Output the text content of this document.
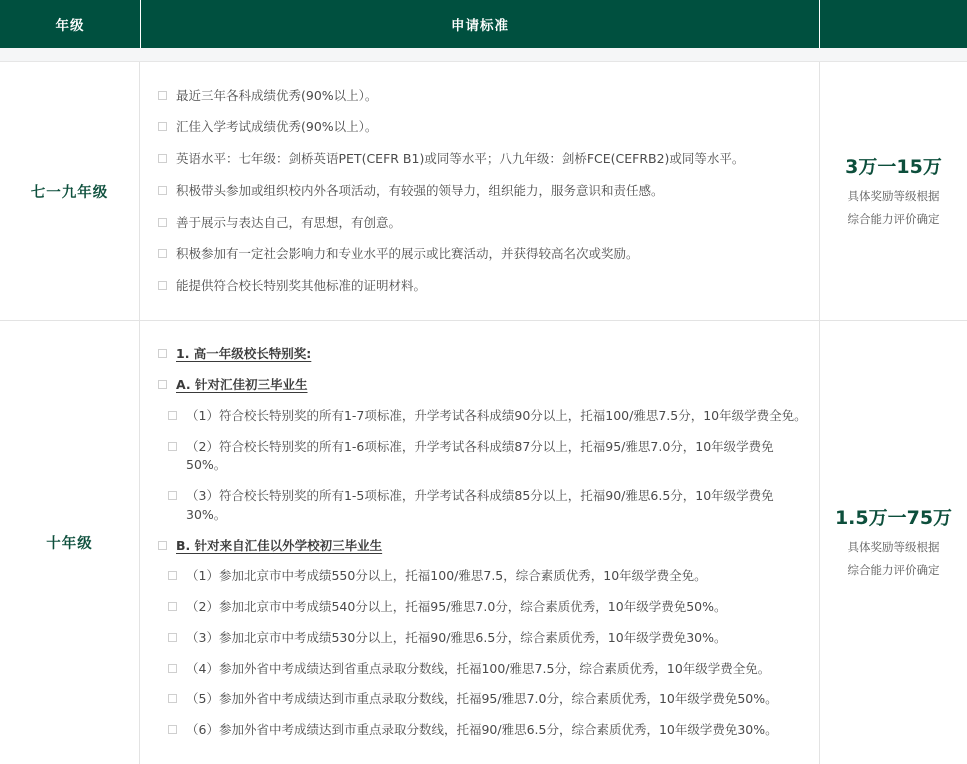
年级	申请标准
七一九年级
最近三年各科成绩优秀(90%以上）。
汇佳入学考试成绩优秀(90%以上）。
英语水平：七年级：剑桥英语PET(CEFR B1)或同等水平；八九年级：剑桥FCE(CEFRB2)或同等水平。
积极带头参加或组织校内外各项活动，有较强的领导力，组织能力，服务意识和责任感。
善于展示与表达自己，有思想，有创意。
积极参加有一定社会影响力和专业水平的展示或比赛活动，并获得较高名次或奖励。
能提供符合校长特别奖其他标准的证明材料。
3万一15万
具体奖励等级根据
综合能力评价确定
十年级
1. 高一年级校长特别奖:
A. 针对汇佳初三毕业生
（1）符合校长特别奖的所有1-7项标准，升学考试各科成绩90分以上，托福100/雅思7.5分，10年级学费全免。
（2）符合校长特别奖的所有1-6项标准，升学考试各科成绩87分以上，托福95/雅思7.0分，10年级学费免50%。
（3）符合校长特别奖的所有1-5项标准，升学考试各科成绩85分以上，托福90/雅思6.5分，10年级学费免30%。
B. 针对来自汇佳以外学校初三毕业生
（1）参加北京市中考成绩550分以上，托福100/雅思7.5，综合素质优秀，10年级学费全免。
（2）参加北京市中考成绩540分以上，托福95/雅思7.0分，综合素质优秀，10年级学费免50%。
（3）参加北京市中考成绩530分以上，托福90/雅思6.5分，综合素质优秀，10年级学费免30%。
（4）参加外省中考成绩达到省重点录取分数线，托福100/雅思7.5分，综合素质优秀，10年级学费全免。
（5）参加外省中考成绩达到市重点录取分数线，托福95/雅思7.0分，综合素质优秀，10年级学费免50%。
（6）参加外省中考成绩达到市重点录取分数线，托福90/雅思6.5分，综合素质优秀，10年级学费免30%。
1.5万一75万
具体奖励等级根据
综合能力评价确定
